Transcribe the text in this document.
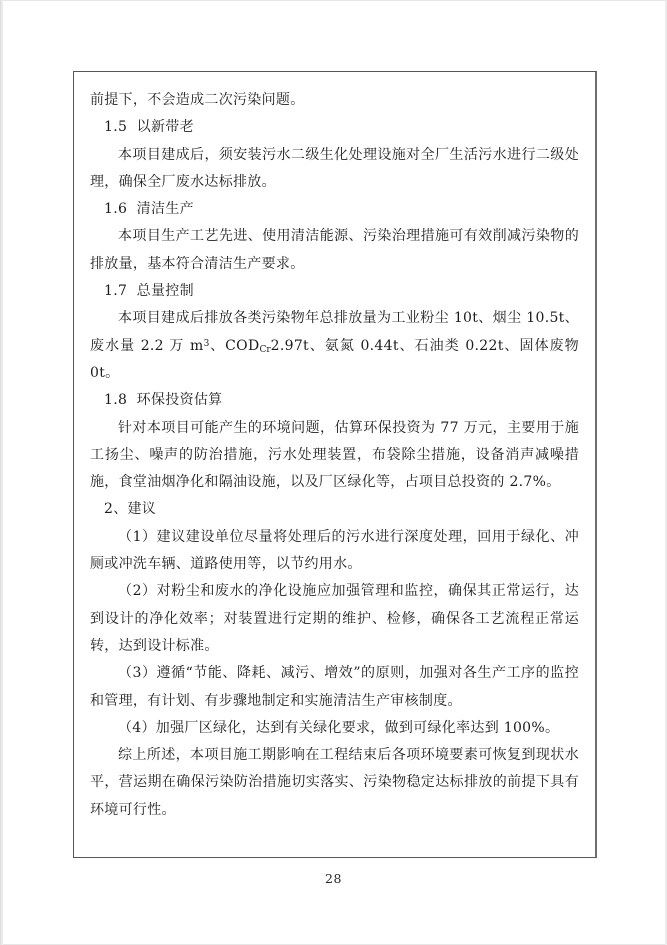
前提下，不会造成二次污染问题。

1.5  以新带老

本项目建成后，须安装污水二级生化处理设施对全厂生活污水进行二级处理，确保全厂废水达标排放。

1.6  清洁生产

本项目生产工艺先进、使用清洁能源、污染治理措施可有效削减污染物的排放量，基本符合清洁生产要求。

1.7  总量控制

本项目建成后排放各类污染物年总排放量为工业粉尘 10t、烟尘 10.5t、废水量 2.2 万 $m^3$、$COD_{Cr}2.97t$、氨氮 0.44t、石油类 0.22t、固体废物 0t。

1.8  环保投资估算

针对本项目可能产生的环境问题，估算环保投资为 77 万元，主要用于施工扬尘、噪声的防治措施，污水处理装置，布袋除尘措施，设备消声减噪措施，食堂油烟净化和隔油设施，以及厂区绿化等，占项目总投资的 2.7%。

2、建议

（1）建议建设单位尽量将处理后的污水进行深度处理，回用于绿化、冲厕或冲洗车辆、道路使用等，以节约用水。

（2）对粉尘和废水的净化设施应加强管理和监控，确保其正常运行，达到设计的净化效率；对装置进行定期的维护、检修，确保各工艺流程正常运转，达到设计标准。

（3）遵循“节能、降耗、减污、增效”的原则，加强对各生产工序的监控和管理，有计划、有步骤地制定和实施清洁生产审核制度。

（4）加强厂区绿化，达到有关绿化要求，做到可绿化率达到 100%。

综上所述，本项目施工期影响在工程结束后各项环境要素可恢复到现状水平，营运期在确保污染防治措施切实落实、污染物稳定达标排放的前提下具有环境可行性。

28
